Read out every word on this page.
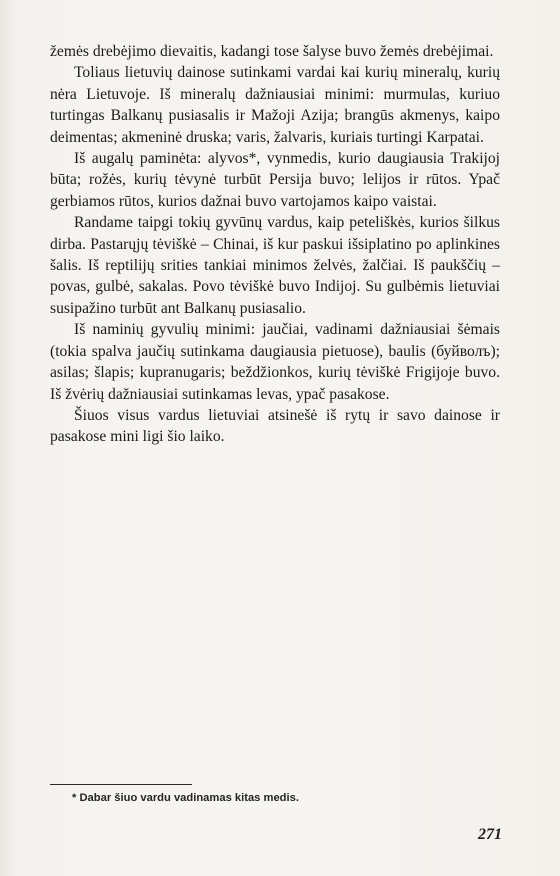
žemės drebėjimo dievaitis, kadangi tose šalyse buvo žemės drebėjimai.

Toliaus lietuvių dainose sutinkami vardai kai kurių mineralų, kurių nėra Lietuvoje. Iš mineralų dažniausiai minimi: murmulas, kuriuo turtingas Balkanų pusiasalis ir Mažoji Azija; brangūs akmenys, kaipo deimentas; akmeninė druska; varis, žalvaris, kuriais turtingi Karpatai.

Iš augalų paminėta: alyvos*, vynmedis, kurio daugiausia Trakijoj būta; rožės, kurių tėvynė turbūt Persija buvo; lelijos ir rūtos. Ypač gerbiamos rūtos, kurios dažnai buvo vartojamos kaipo vaistai.

Randame taipgi tokių gyvūnų vardus, kaip peteliškės, kurios šilkus dirba. Pastarųjų tėviškė – Chinai, iš kur paskui išsiplatino po aplinkines šalis. Iš reptilijų srities tankiai minimos želvės, žalčiai. Iš paukščių – povas, gulbė, sakalas. Povo tėviškė buvo Indijoj. Su gulbėmis lietuviai susipažino turbūt ant Balkanų pusiasalio.

Iš naminių gyvulių minimi: jaučiai, vadinami dažniausiai šėmais (tokia spalva jaučių sutinkama daugiausia pietuose), baulis (буйволъ); asilas; šlapis; kupranugaris; beždžionkos, kurių tėviškė Frigijoje buvo. Iš žvėrių dažniausiai sutinkamas levas, ypač pasakose.

Šiuos visus vardus lietuviai atsinešė iš rytų ir savo dainose ir pasakose mini ligi šio laiko.

* Dabar šiuo vardu vadinamas kitas medis.
271
